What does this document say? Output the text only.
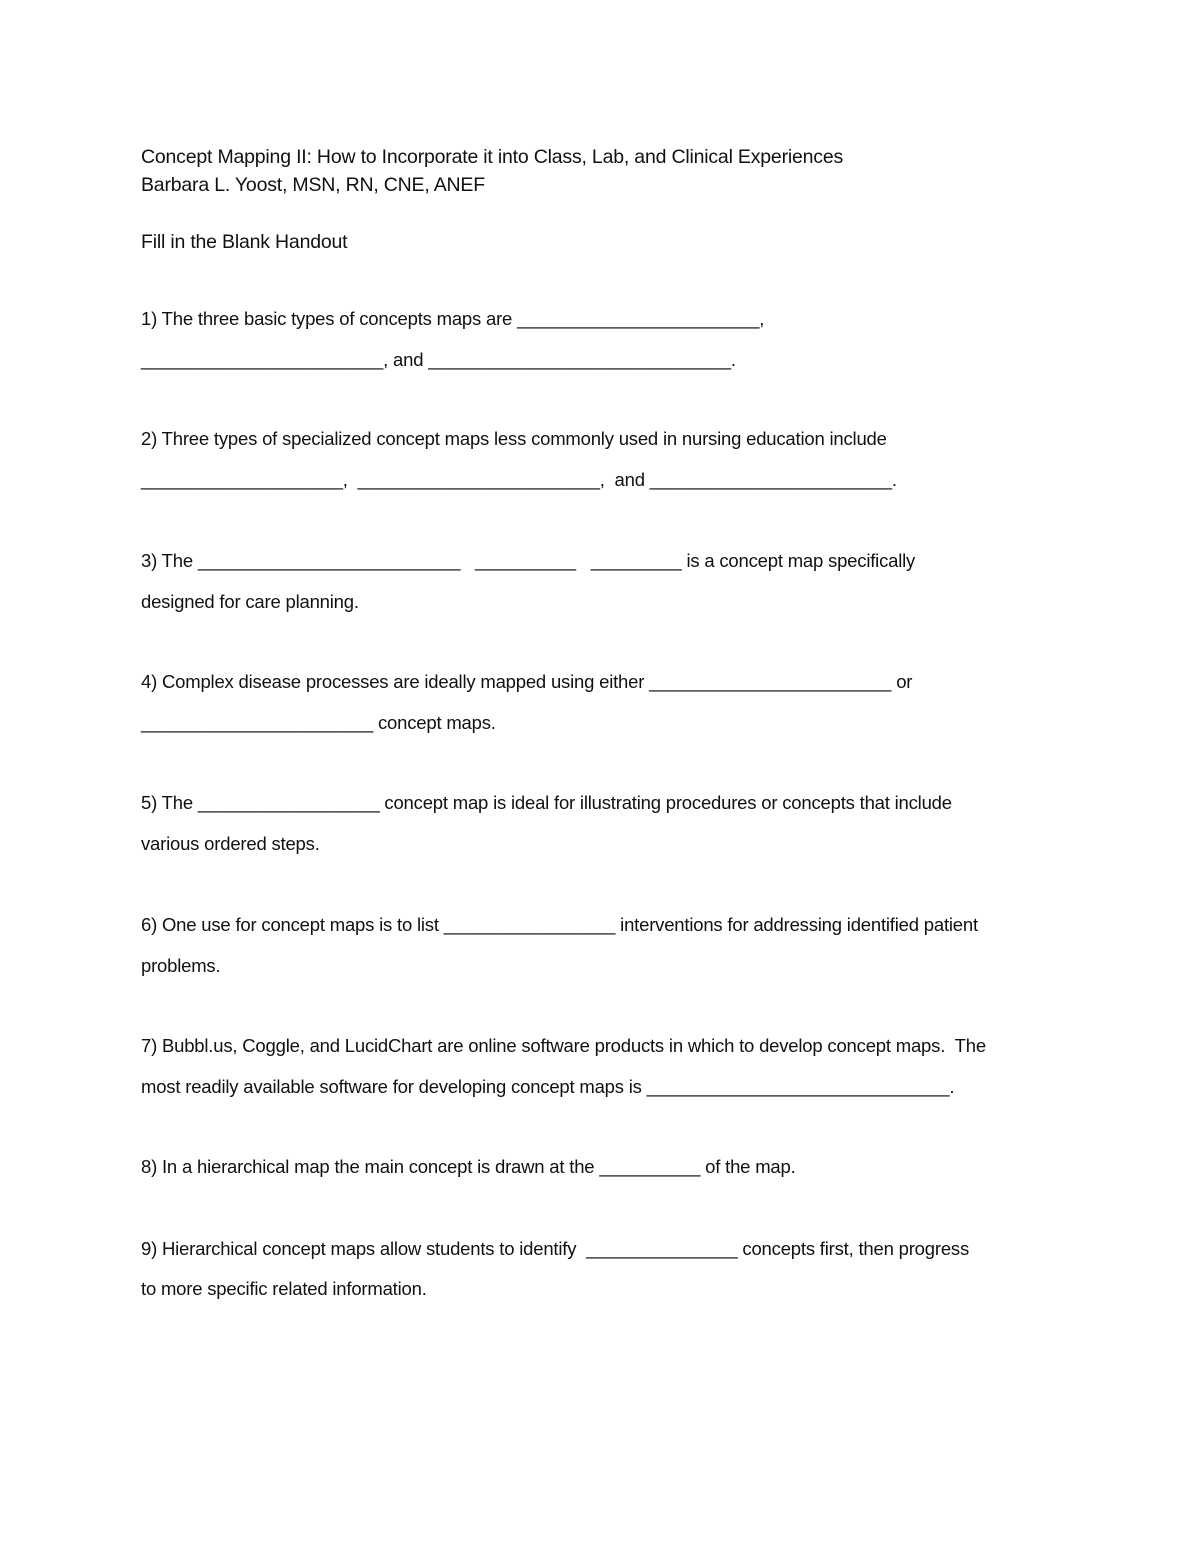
Concept Mapping II: How to Incorporate it into Class, Lab, and Clinical Experiences
Barbara L. Yoost, MSN, RN, CNE, ANEF
Fill in the Blank Handout
1) The three basic types of concepts maps are ________________________,
________________________, and ______________________________.
2) Three types of specialized concept maps less commonly used in nursing education include
____________________,  ________________________,  and ________________________.
3) The __________________________   __________   _________ is a concept map specifically
designed for care planning.
4) Complex disease processes are ideally mapped using either ________________________ or
_______________________ concept maps.
5) The __________________ concept map is ideal for illustrating procedures or concepts that include
various ordered steps.
6) One use for concept maps is to list _________________ interventions for addressing identified patient
problems.
7) Bubbl.us, Coggle, and LucidChart are online software products in which to develop concept maps.  The
most readily available software for developing concept maps is ______________________________.
8) In a hierarchical map the main concept is drawn at the __________ of the map.
9) Hierarchical concept maps allow students to identify  _______________ concepts first, then progress
to more specific related information.
